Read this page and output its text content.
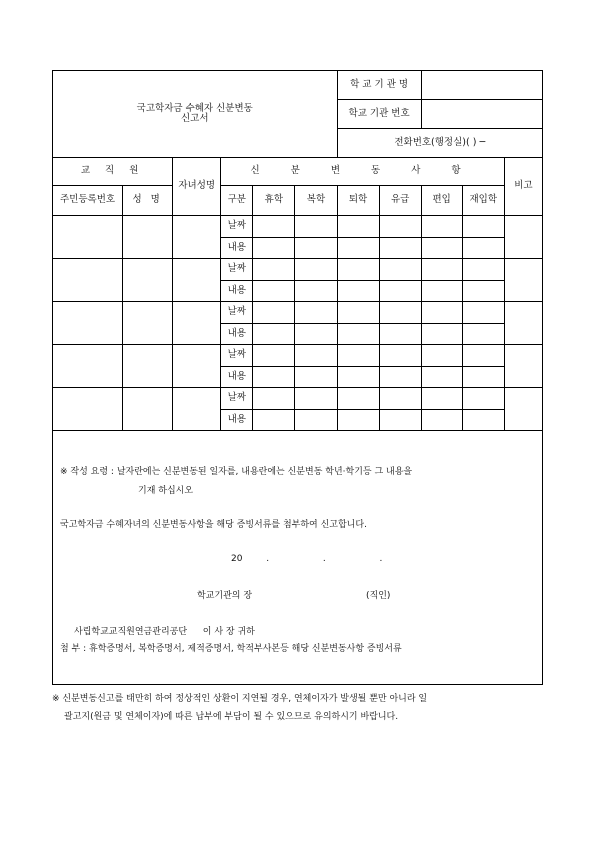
국고학자금 수혜자 신분변동
신고서						학 교 기 관 명				
						학교 기관 번호				
						전화번호(행정실)( ) ─				
교 직 원		자녀성명	신 분 변 동 사 항							비고
주민등록번호	성 명		구분	휴학	복학	퇴학	유급	편입	재입학	
			날짜							
			내용							
			날짜							
			내용							
			날짜							
			내용							
			날짜							
			내용							
			날짜							
			내용							
※ 작성 요령 : 날자란에는 신분변동된 일자를, 내용란에는 신분변동 학년·학기등 그 내용을
기재 하십시오
국고학자금 수혜자녀의 신분변동사항을 해당 증빙서류를 첨부하여 신고합니다.
20	.	.	.
학교기관의 장	(직인)
사립학교교직원연금관리공단 이 사 장 귀하
첨 부 : 휴학증명서, 복학증명서, 제적증명서, 학적부사본등 해당 신분변동사항 증빙서류
※ 신분변동신고를 태만히 하여 정상적인 상환이 지연될 경우, 연체이자가 발생될 뿐만 아니라 일
괄고지(원금 및 연체이자)에 따른 납부에 부담이 될 수 있으므로 유의하시기 바랍니다.
